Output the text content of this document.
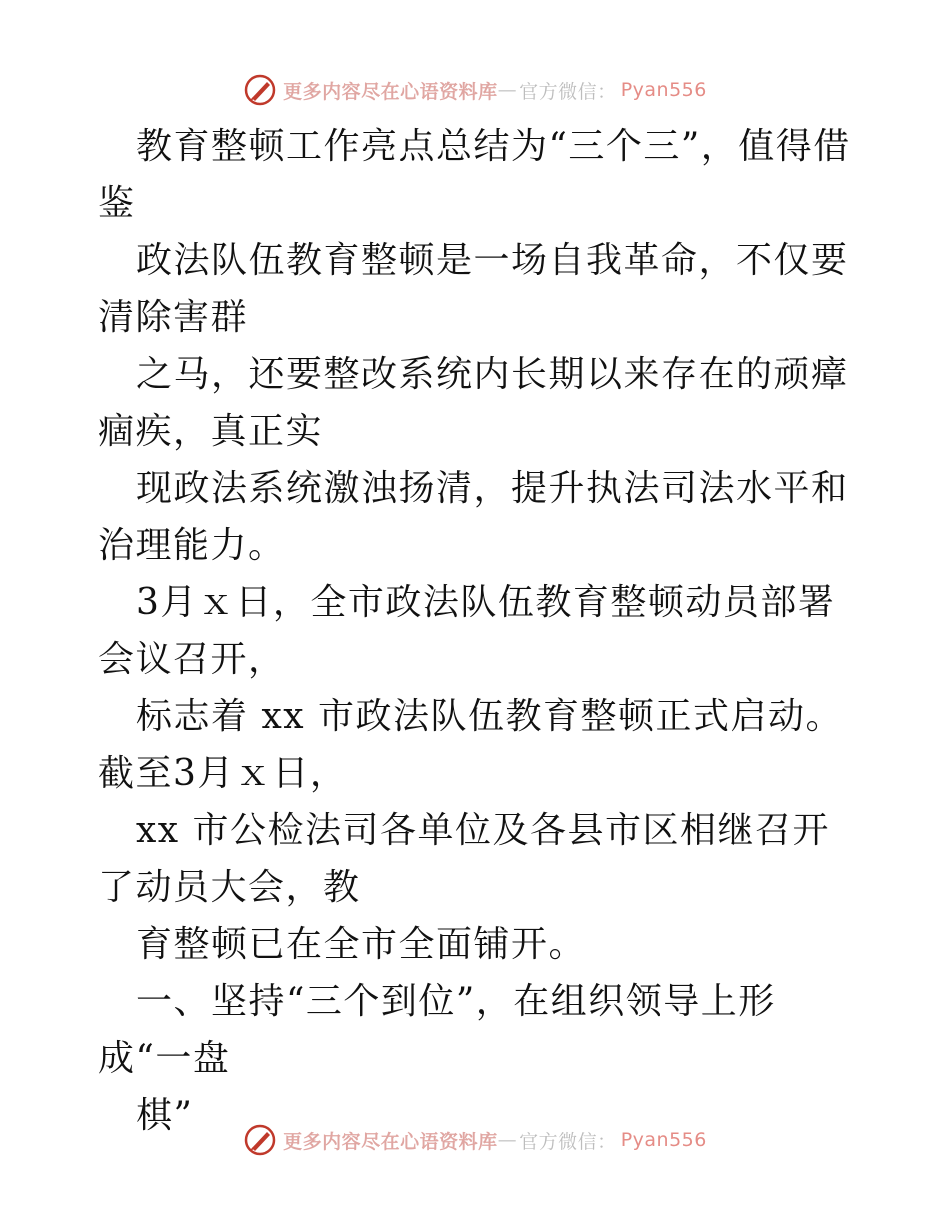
更多内容尽在心语资料库 — 官方微信： Pyan556

教育整顿工作亮点总结为“三个三”，值得借鉴

政法队伍教育整顿是一场自我革命，不仅要清除害群

之马，还要整改系统内长期以来存在的顽瘴痼疾，真正实

现政法系统激浊扬清，提升执法司法水平和治理能力。

3月ｘ日，全市政法队伍教育整顿动员部署会议召开，

标志着 xx 市政法队伍教育整顿正式启动。截至3月ｘ日，

xx 市公检法司各单位及各县市区相继召开了动员大会，教

育整顿已在全市全面铺开。

一、坚持“三个到位”，在组织领导上形成“一盘

棋”

更多内容尽在心语资料库 — 官方微信： Pyan556
